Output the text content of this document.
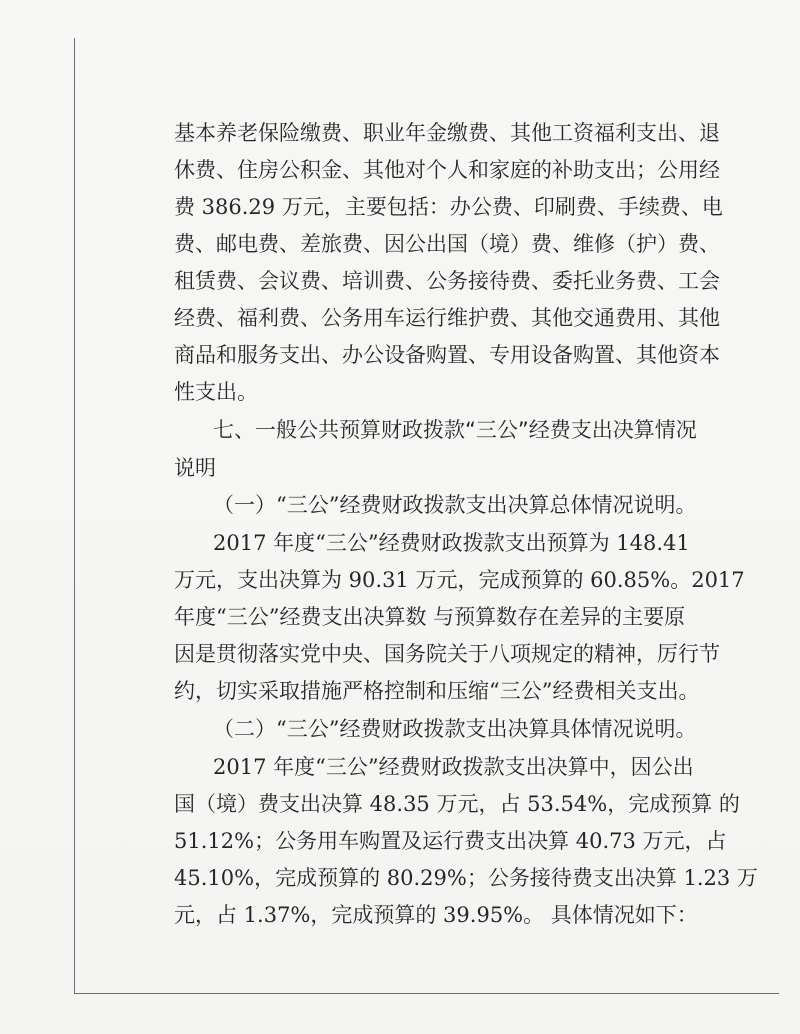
基本养老保险缴费、职业年金缴费、其他工资福利支出、退
休费、住房公积金、其他对个人和家庭的补助支出；公用经
费 386.29 万元，主要包括：办公费、印刷费、手续费、电
费、邮电费、差旅费、因公出国（境）费、维修（护）费、
租赁费、会议费、培训费、公务接待费、委托业务费、工会
经费、福利费、公务用车运行维护费、其他交通费用、其他
商品和服务支出、办公设备购置、专用设备购置、其他资本
性支出。
七、一般公共预算财政拨款“三公”经费支出决算情况
说明
（一）“三公”经费财政拨款支出决算总体情况说明。
2017 年度“三公”经费财政拨款支出预算为 148.41
万元，支出决算为 90.31 万元，完成预算的 60.85%。2017
年度“三公”经费支出决算数 与预算数存在差异的主要原
因是贯彻落实党中央、国务院关于八项规定的精神，厉行节
约，切实采取措施严格控制和压缩“三公”经费相关支出。
（二）“三公”经费财政拨款支出决算具体情况说明。
2017 年度“三公”经费财政拨款支出决算中，因公出
国（境）费支出决算 48.35 万元，占 53.54%，完成预算 的
51.12%；公务用车购置及运行费支出决算 40.73 万元，占
45.10%，完成预算的 80.29%；公务接待费支出决算 1.23 万
元，占 1.37%，完成预算的 39.95%。 具体情况如下：
